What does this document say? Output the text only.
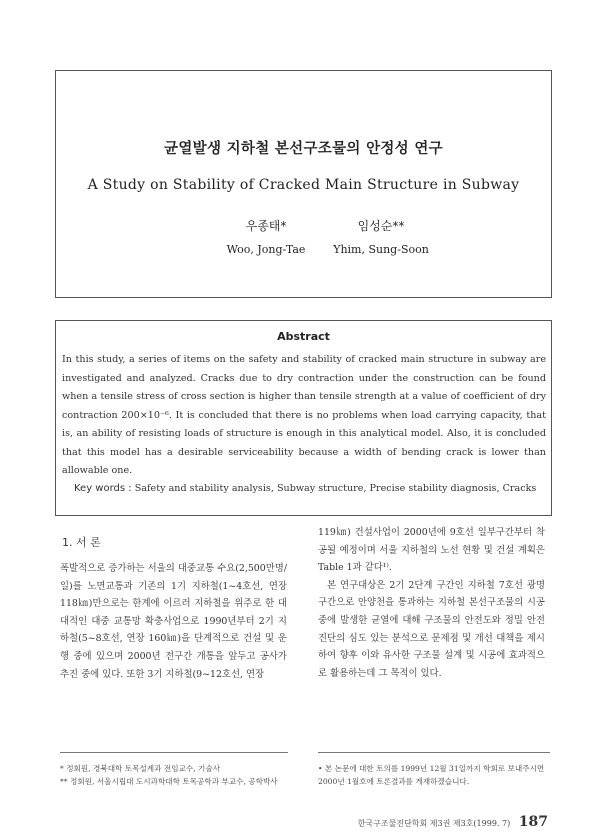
균열발생 지하철 본선구조물의 안정성 연구
A Study on Stability of Cracked Main Structure in Subway
우종태*	임성순**
Woo, Jong-Tae	Yhim, Sung-Soon
Abstract
In this study, a series of items on the safety and stability of cracked main structure in subway are investigated and analyzed. Cracks due to dry contraction under the construction can be found when a tensile stress of cross section is higher than tensile strength at a value of coefficient of dry contraction 200×10⁻⁶. It is concluded that there is no problems when load carrying capacity, that is, an ability of resisting loads of structure is enough in this analytical model. Also, it is concluded that this model has a desirable serviceability because a width of bending crack is lower than allowable one.
Key words : Safety and stability analysis, Subway structure, Precise stability diagnosis, Cracks
1. 서 론
폭발적으로 증가하는 서울의 대중교통 수요(2,500만명/일)를 노면교통과 기존의 1기 지하철(1~4호선, 연장118㎞)만으로는 한계에 이르러 지하철을 위주로 한 대대적인 대중 교통망 확충사업으로 1990년부터 2기 지하철(5~8호선, 연장 160㎞)을 단계적으로 건설 및 운행 중에 있으며 2000년 전구간 개통을 앞두고 공사가 추진 중에 있다. 또한 3기 지하철(9~12호선, 연장
119㎞) 건설사업이 2000년에 9호선 일부구간부터 착공될 예정이며 서울 지하철의 노선 현황 및 건설 계획은 Table 1과 같다¹⁾.
본 연구대상은 2기 2단계 구간인 지하철 7호선 광명구간으로 안양천을 통과하는 지하철 본선구조물의 시공 중에 발생한 균열에 대해 구조물의 안전도와 정밀 안전진단의 심도 있는 분석으로 문제점 및 개선 대책을 제시하여 향후 이와 유사한 구조물 설계 및 시공에 효과적으로 활용하는데 그 목적이 있다.
* 정회원, 경북대학 토목설계과 전임교수, 기술사
** 정회원, 서울시립대 도시과학대학 토목공학과 부교수, 공학박사
• 본 논문에 대한 토의를 1999년 12월 31일까지 학회로 보내주시면 2000년 1월호에 토론결과를 게재하겠습니다.
한국구조물진단학회 제3권 제3호(1999. 7) 187
